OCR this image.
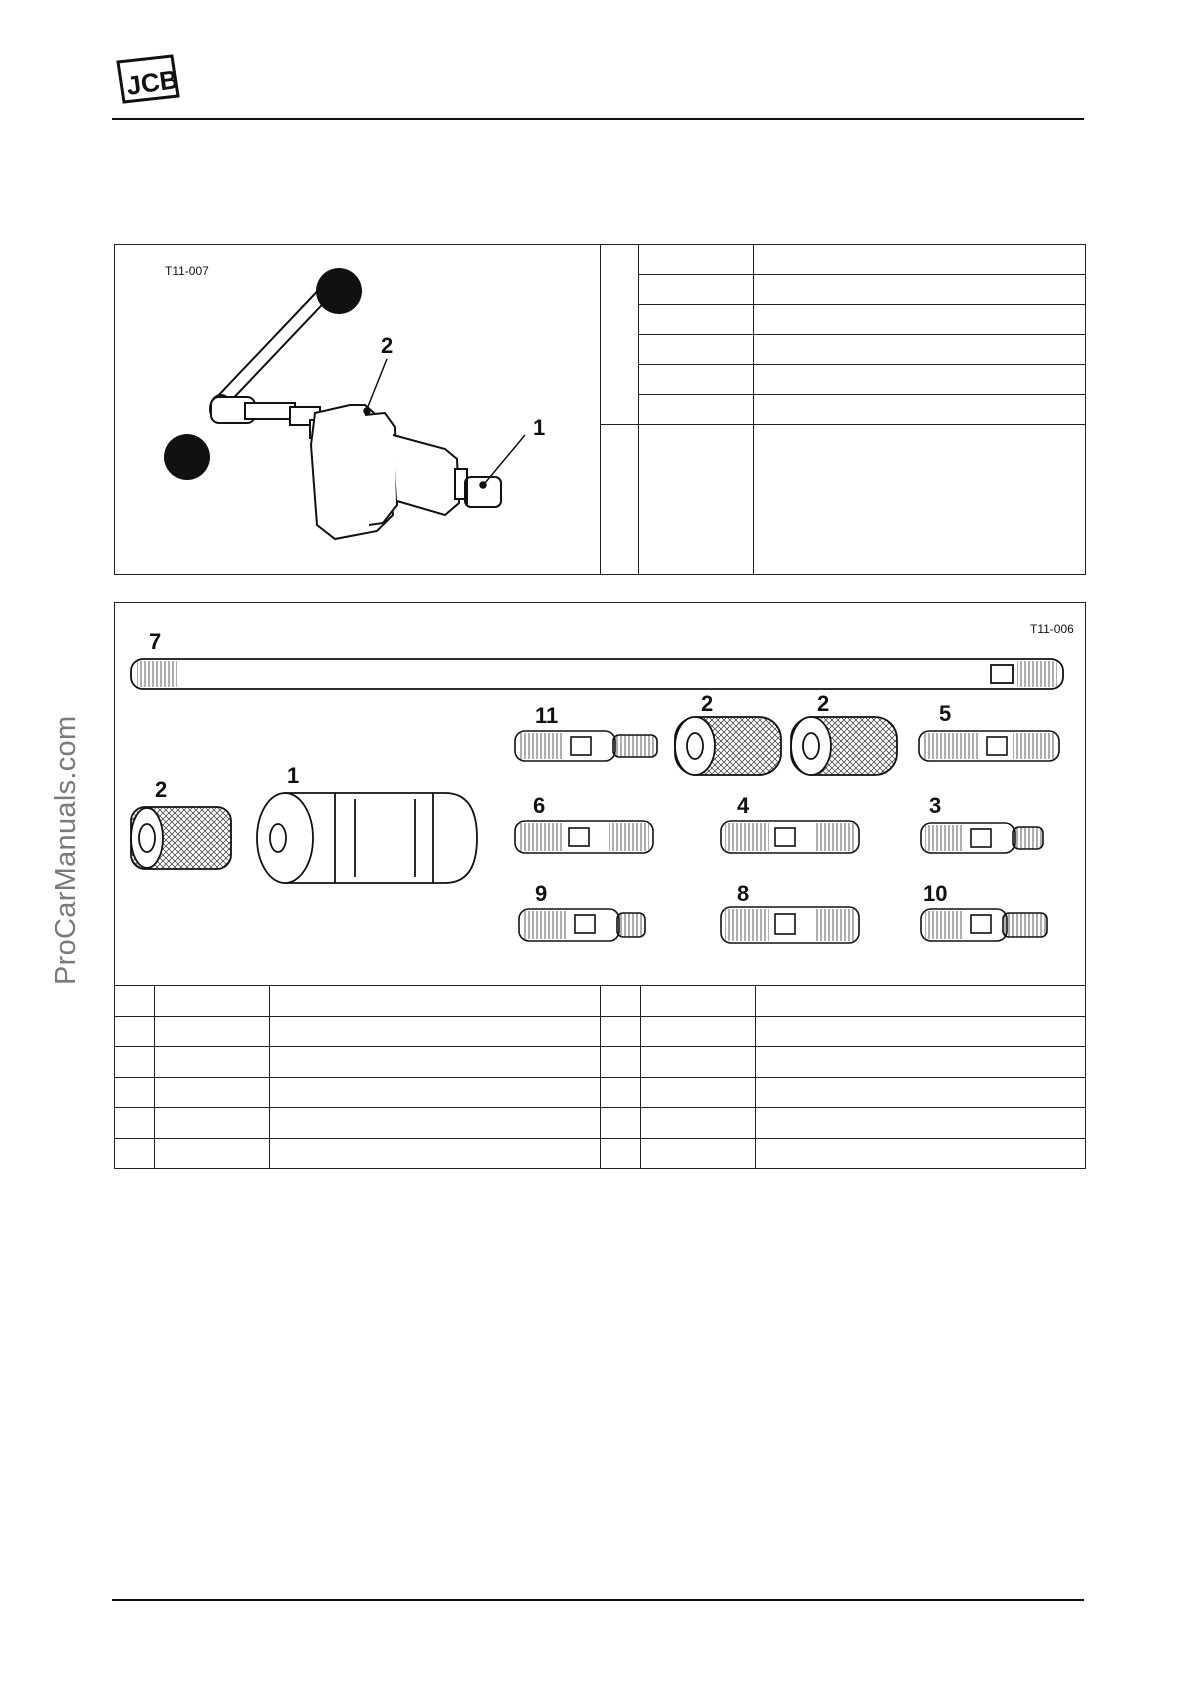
JCB
ProCarManuals.com
T11-007
2
1

T11-006
7
11	2	2	5
2
1
6	4	3
9	8	10
